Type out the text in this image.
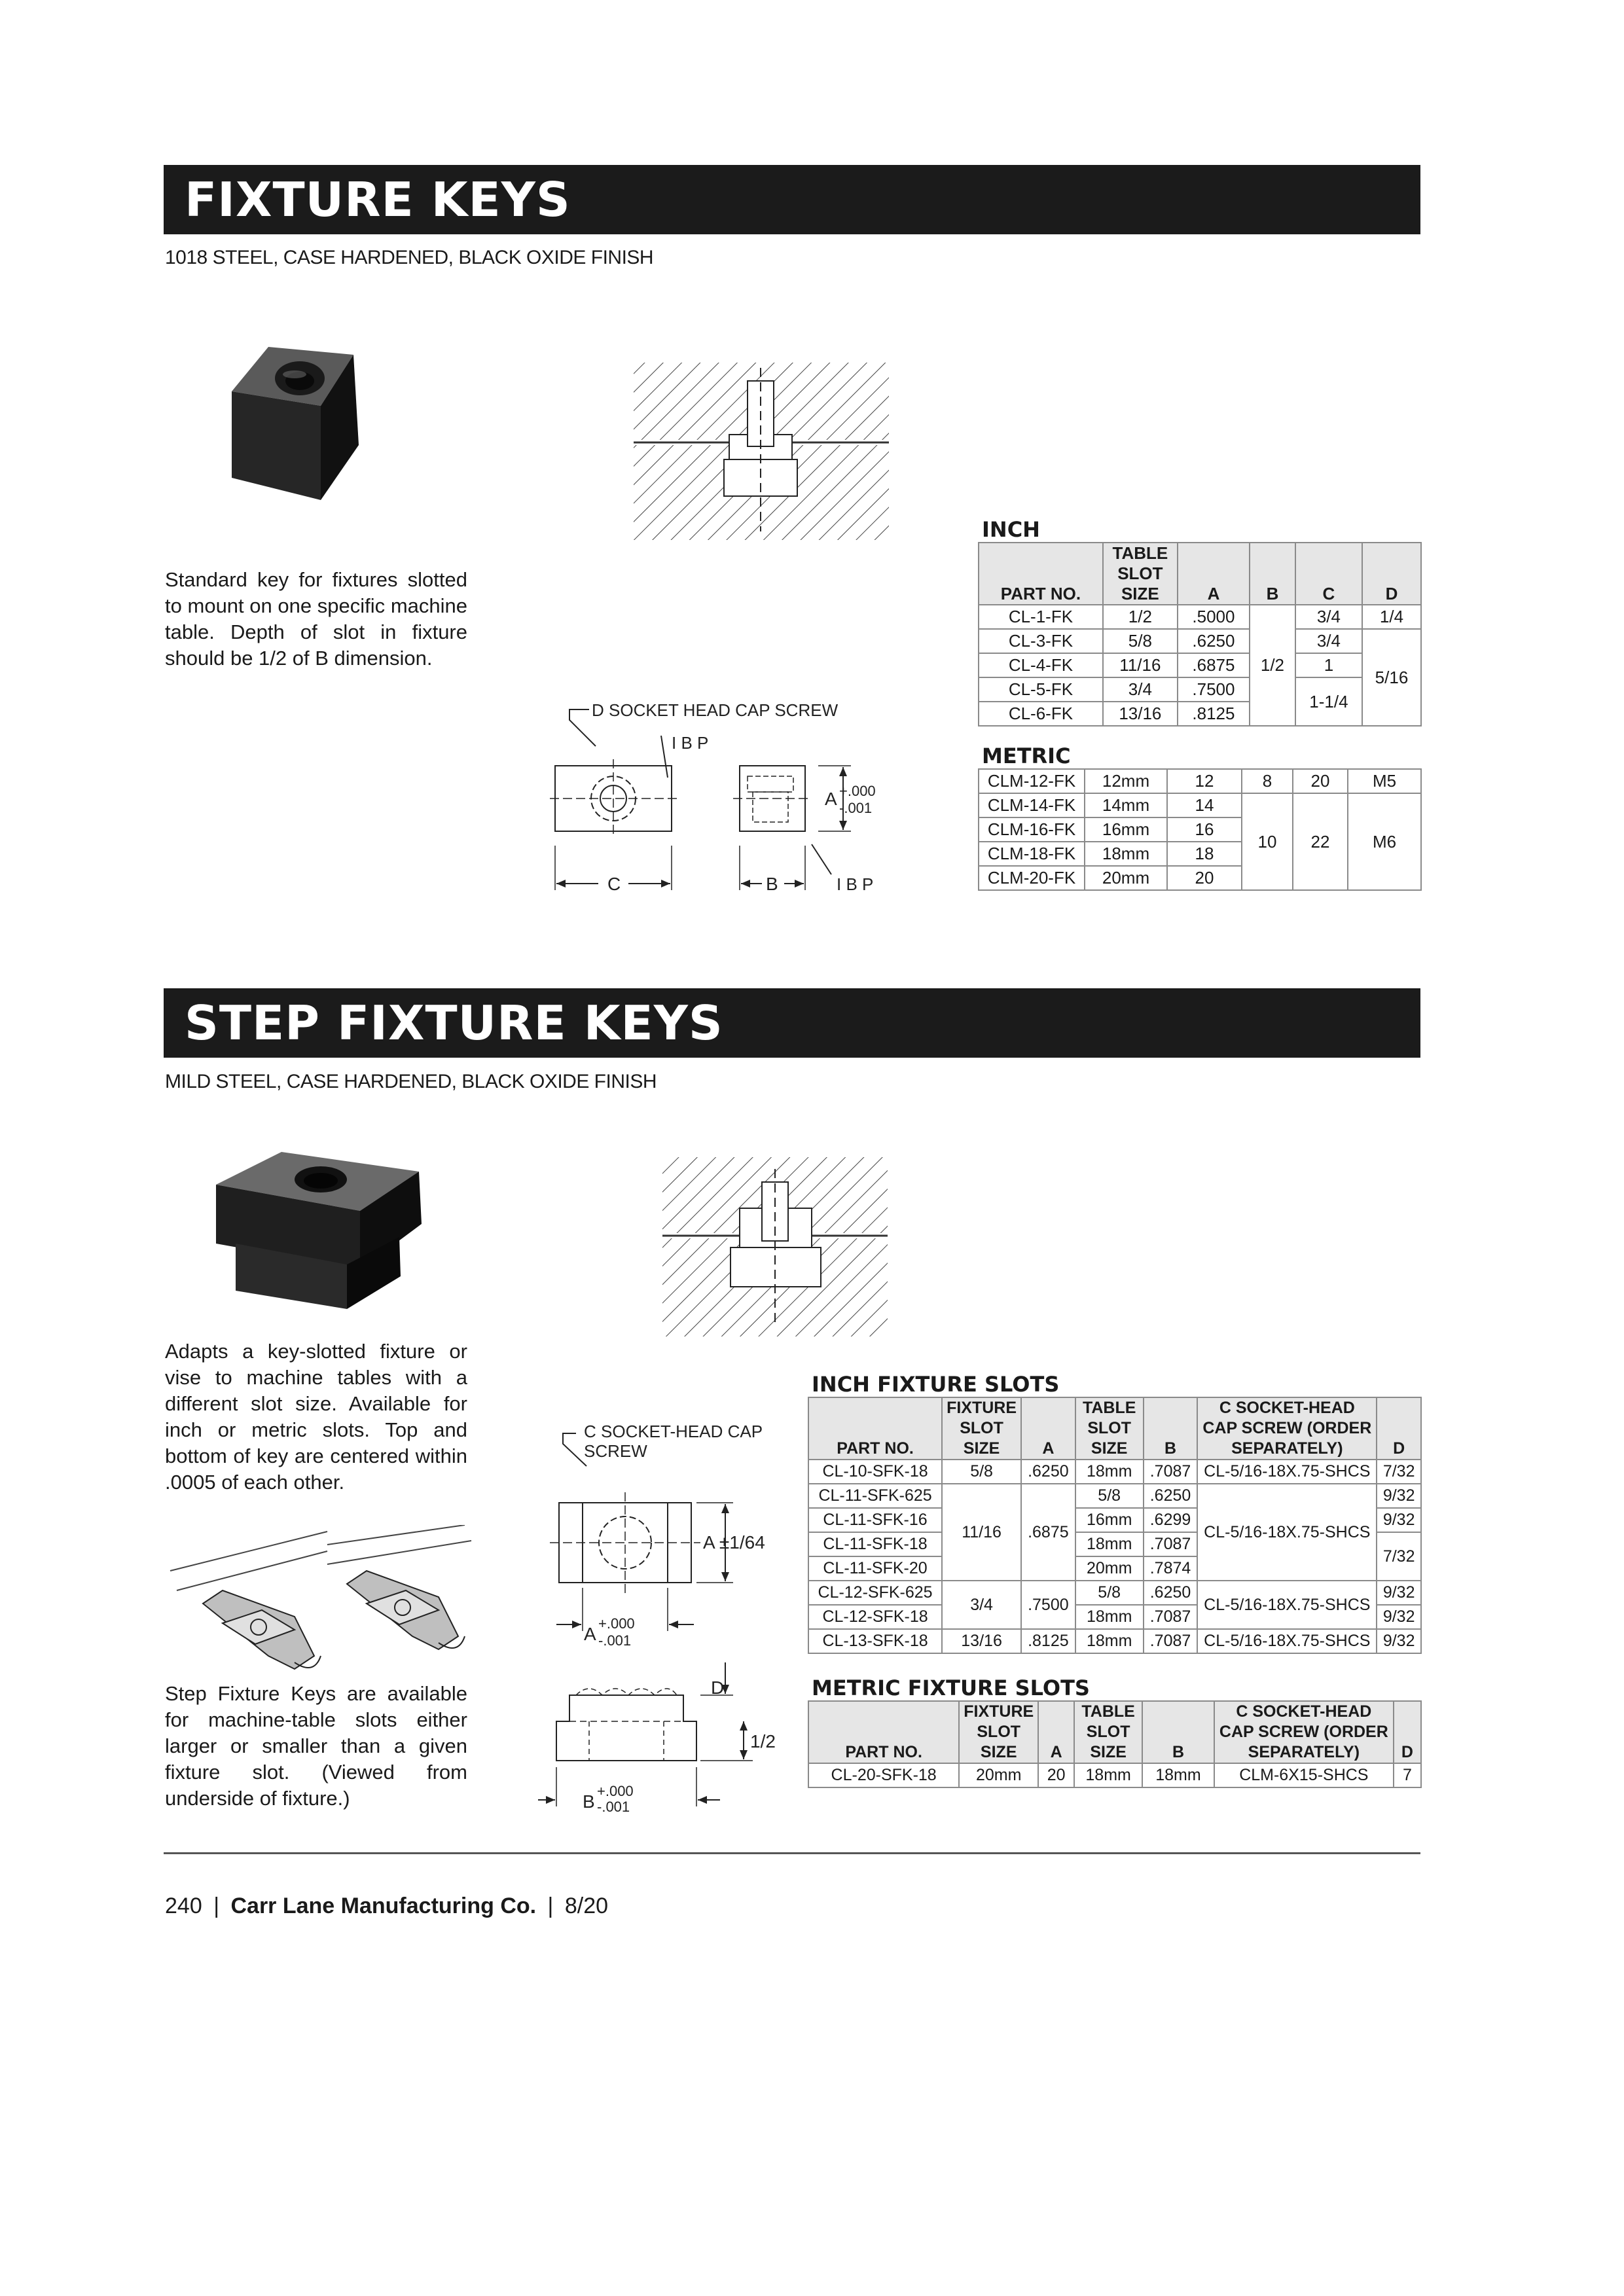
FIXTURE KEYS
1018 STEEL, CASE HARDENED, BLACK OXIDE FINISH
Standard key for fixtures slotted to mount on one specific machine table. Depth of slot in fixture should be 1/2 of B dimension.
D SOCKET HEAD CAP SCREW
I B P
A +.000
-.001
C	B	I B P
INCH
PART NO.	TABLE SLOT SIZE	A	B	C	D
CL-1-FK	1/2	.5000	1/2	3/4	1/4
CL-3-FK	5/8	.6250		3/4	5/16
CL-4-FK	11/16	.6875		1	
CL-5-FK	3/4	.7500		1-1/4	
CL-6-FK	13/16	.8125			
METRIC
CLM-12-FK	12mm	12	8	20	M5
CLM-14-FK	14mm	14	10	22	M6
CLM-16-FK	16mm	16			
CLM-18-FK	18mm	18			
CLM-20-FK	20mm	20			
STEP FIXTURE KEYS
MILD STEEL, CASE HARDENED, BLACK OXIDE FINISH
Adapts a key-slotted fixture or vise to machine tables with a different slot size. Available for inch or metric slots. Top and bottom of key are centered within .0005 of each other.
Step Fixture Keys are available for machine-table slots either larger or smaller than a given fixture slot. (Viewed from underside of fixture.)
C SOCKET-HEAD CAP
SCREW
A ±1/64
A
+.000
-.001
D
1/2
B
+.000
-.001
INCH FIXTURE SLOTS
PART NO.	FIXTURE SLOT SIZE	A	TABLE SLOT SIZE	B	C SOCKET-HEAD CAP SCREW (ORDER SEPARATELY)	D
CL-10-SFK-18	5/8	.6250	18mm	.7087	CL-5/16-18X.75-SHCS	7/32
CL-11-SFK-625	11/16	.6875	5/8	.6250	CL-5/16-18X.75-SHCS	9/32
CL-11-SFK-16			16mm	.6299		9/32
CL-11-SFK-18			18mm	.7087		7/32
CL-11-SFK-20			20mm	.7874		
CL-12-SFK-625	3/4	.7500	5/8	.6250	CL-5/16-18X.75-SHCS	9/32
CL-12-SFK-18			18mm	.7087		9/32
CL-13-SFK-18	13/16	.8125	18mm	.7087	CL-5/16-18X.75-SHCS	9/32
METRIC FIXTURE SLOTS
PART NO.	FIXTURE SLOT SIZE	A	TABLE SLOT SIZE	B	C SOCKET-HEAD CAP SCREW (ORDER SEPARATELY)	D
CL-20-SFK-18	20mm	20	18mm	18mm	CLM-6X15-SHCS	7
240 | Carr Lane Manufacturing Co. | 8/20
